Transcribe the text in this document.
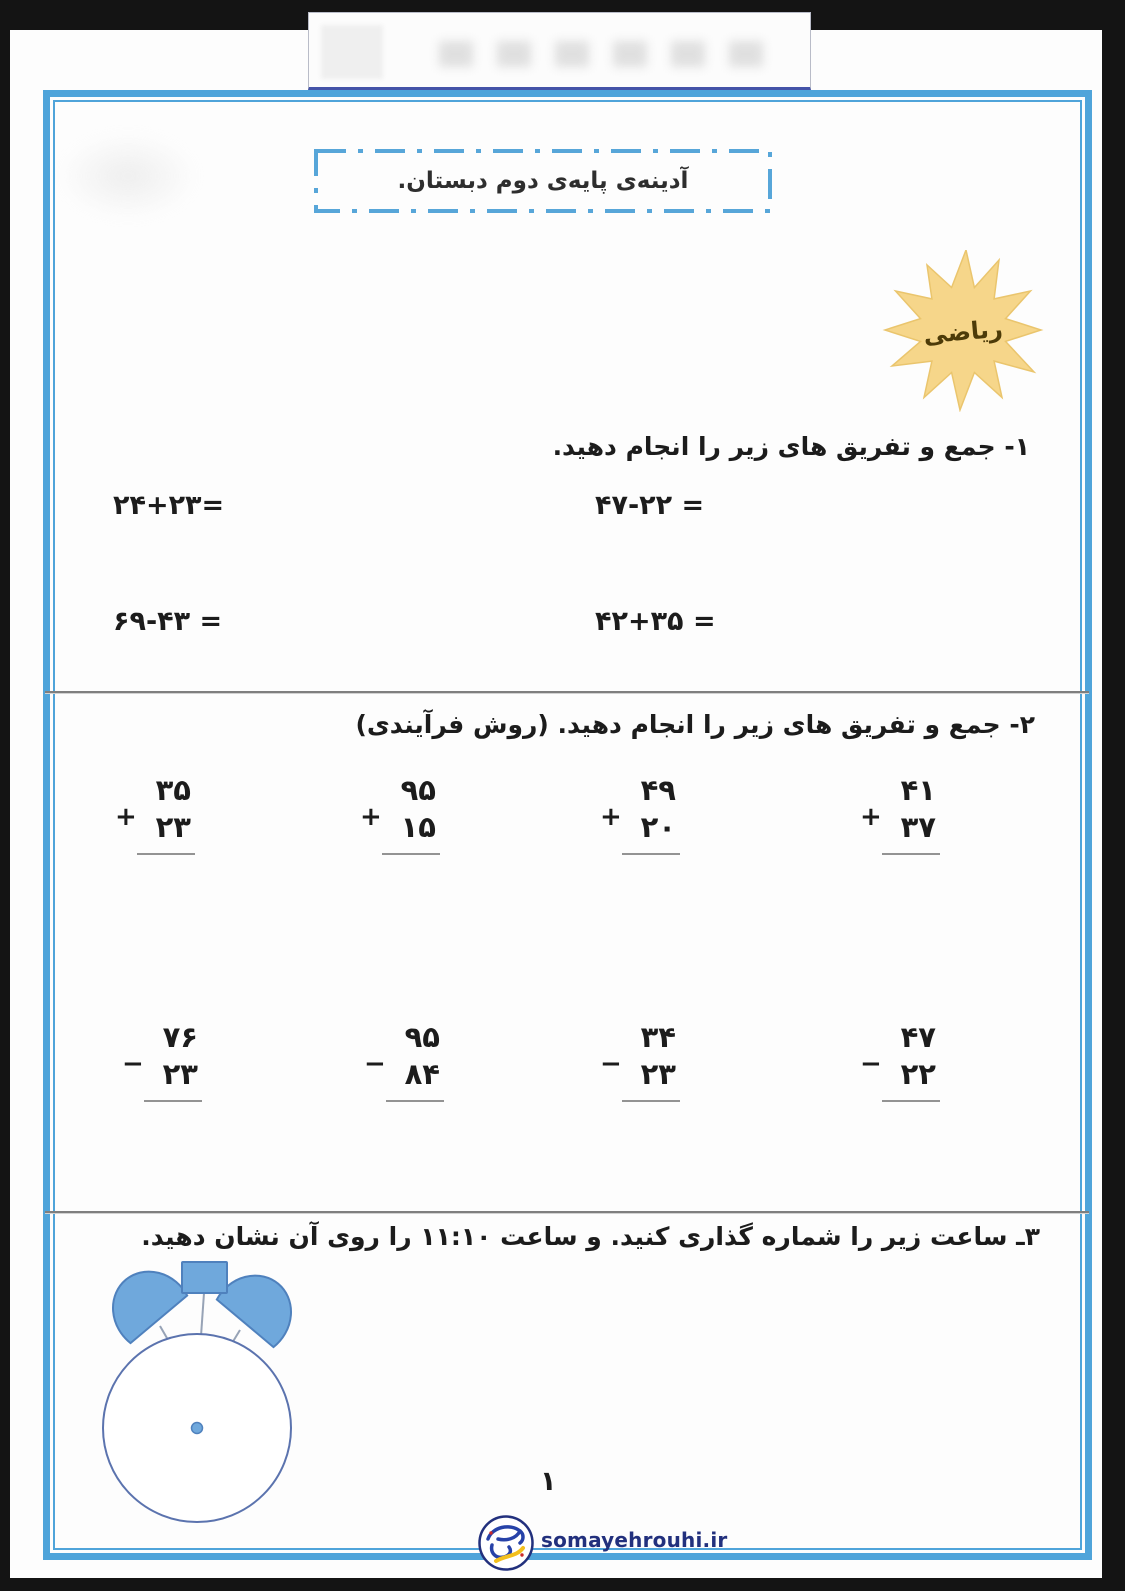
آدینه‌ی پایه‌ی دوم دبستان.
ریاضی
۱- جمع و تفریق های زیر را انجام دهید.
۴۷-۲۲ =
۲۴+۲۳=
۴۲+۳۵ =
۶۹-۴۳ =
۲- جمع و تفریق های زیر را انجام دهید. (روش فرآیندی)
۴۱
+ ۳۷
۴۹
+ ۲۰
۹۵
+ ۱۵
۳۵
+ ۲۳
۴۷
− ۲۲
۳۴
− ۲۳
۹۵
− ۸۴
۷۶
− ۲۳
۳ـ ساعت زیر را شماره گذاری کنید. و ساعت ۱۱:۱۰ را روی آن نشان دهید.
۱
somayehrouhi.ir
